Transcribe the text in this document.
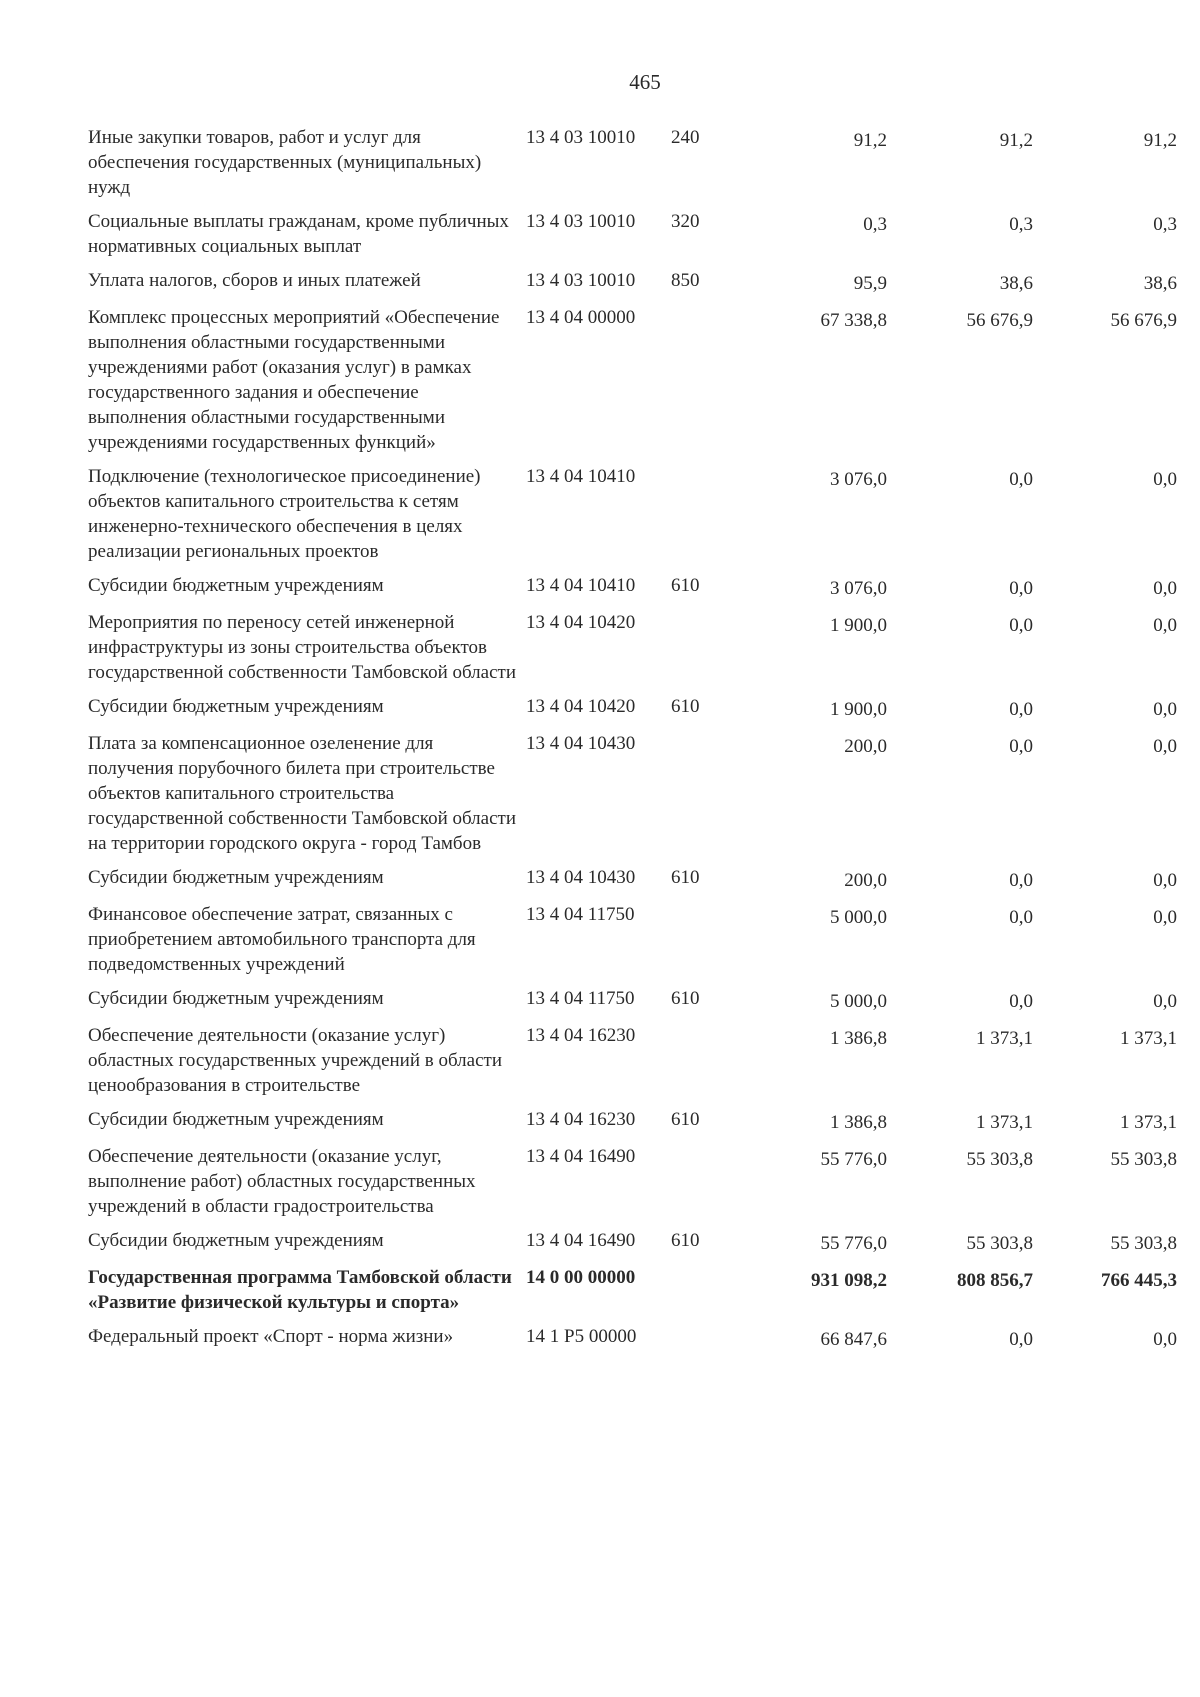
465
Иные закупки товаров, работ и услуг для обеспечения государственных (муниципальных) нужд	13 4 03 10010	240	91,2	91,2	91,2
Социальные выплаты гражданам, кроме публичных нормативных социальных выплат	13 4 03 10010	320	0,3	0,3	0,3
Уплата налогов, сборов и иных платежей	13 4 03 10010	850	95,9	38,6	38,6
Комплекс процессных мероприятий «Обеспечение выполнения областными государственными учреждениями работ (оказания услуг) в рамках государственного задания и обеспечение выполнения областными государственными учреждениями государственных функций»	13 4 04 00000		67 338,8	56 676,9	56 676,9
Подключение (технологическое присоединение) объектов капитального строительства к сетям инженерно-технического обеспечения в целях реализации региональных проектов	13 4 04 10410		3 076,0	0,0	0,0
Субсидии бюджетным учреждениям	13 4 04 10410	610	3 076,0	0,0	0,0
Мероприятия по переносу сетей инженерной инфраструктуры из зоны строительства объектов государственной собственности Тамбовской области	13 4 04 10420		1 900,0	0,0	0,0
Субсидии бюджетным учреждениям	13 4 04 10420	610	1 900,0	0,0	0,0
Плата за компенсационное озеленение для получения порубочного билета при строительстве объектов капитального строительства государственной собственности Тамбовской области на территории городского округа - город Тамбов	13 4 04 10430		200,0	0,0	0,0
Субсидии бюджетным учреждениям	13 4 04 10430	610	200,0	0,0	0,0
Финансовое обеспечение затрат, связанных с приобретением автомобильного транспорта для подведомственных учреждений	13 4 04 11750		5 000,0	0,0	0,0
Субсидии бюджетным учреждениям	13 4 04 11750	610	5 000,0	0,0	0,0
Обеспечение деятельности (оказание услуг) областных государственных учреждений в области ценообразования в строительстве	13 4 04 16230		1 386,8	1 373,1	1 373,1
Субсидии бюджетным учреждениям	13 4 04 16230	610	1 386,8	1 373,1	1 373,1
Обеспечение деятельности (оказание услуг, выполнение работ) областных государственных учреждений в области градостроительства	13 4 04 16490		55 776,0	55 303,8	55 303,8
Субсидии бюджетным учреждениям	13 4 04 16490	610	55 776,0	55 303,8	55 303,8
Государственная программа Тамбовской области «Развитие физической культуры и спорта»	14 0 00 00000		931 098,2	808 856,7	766 445,3
Федеральный проект «Спорт - норма жизни»	14 1 P5 00000		66 847,6	0,0	0,0
